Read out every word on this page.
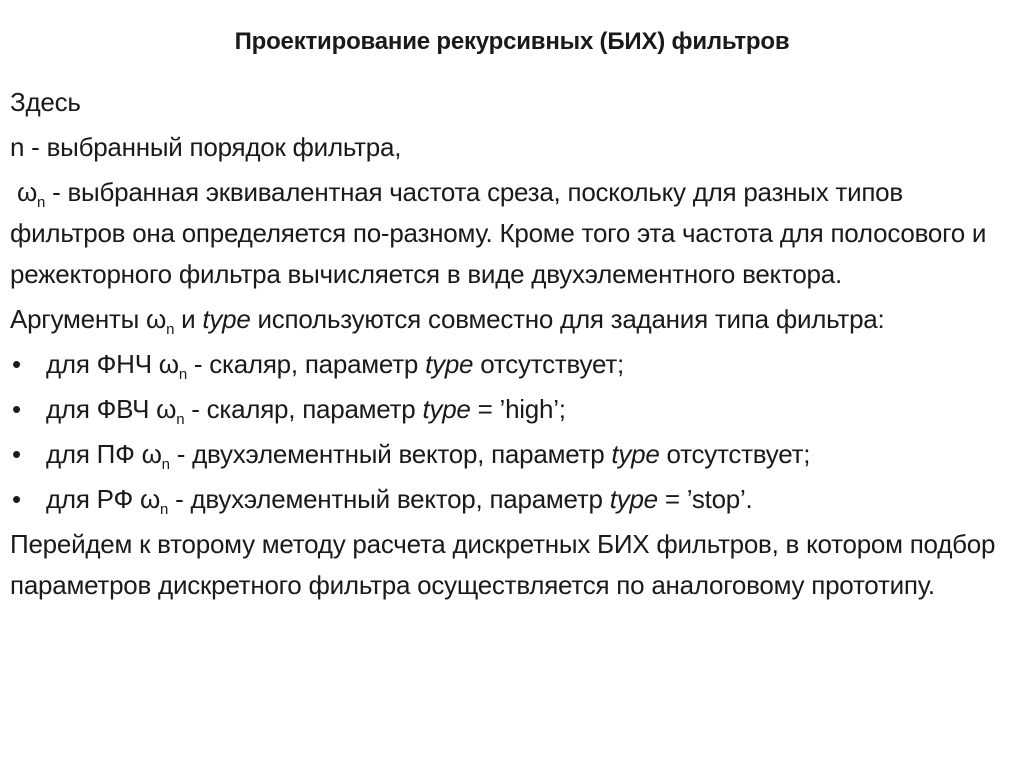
Проектирование рекурсивных (БИХ) фильтров

Здесь

n - выбранный порядок фильтра,

$\omega_n$ - выбранная эквивалентная частота среза, поскольку для разных типов фильтров она определяется по-разному. Кроме того эта частота для полосового и режекторного фильтра вычисляется в виде двухэлементного вектора.

Аргументы $\omega_n$ и type используются совместно для задания типа фильтра:

• для ФНЧ $\omega_n$ - скаляр, параметр type отсутствует;
• для ФВЧ $\omega_n$ - скаляр, параметр type = ’high’;
• для ПФ $\omega_n$ - двухэлементный вектор, параметр type отсутствует;
• для РФ $\omega_n$ - двухэлементный вектор, параметр type = ’stop’.

Перейдем к второму методу расчета дискретных БИХ фильтров, в котором подбор параметров дискретного фильтра осуществляется по аналоговому прототипу.
